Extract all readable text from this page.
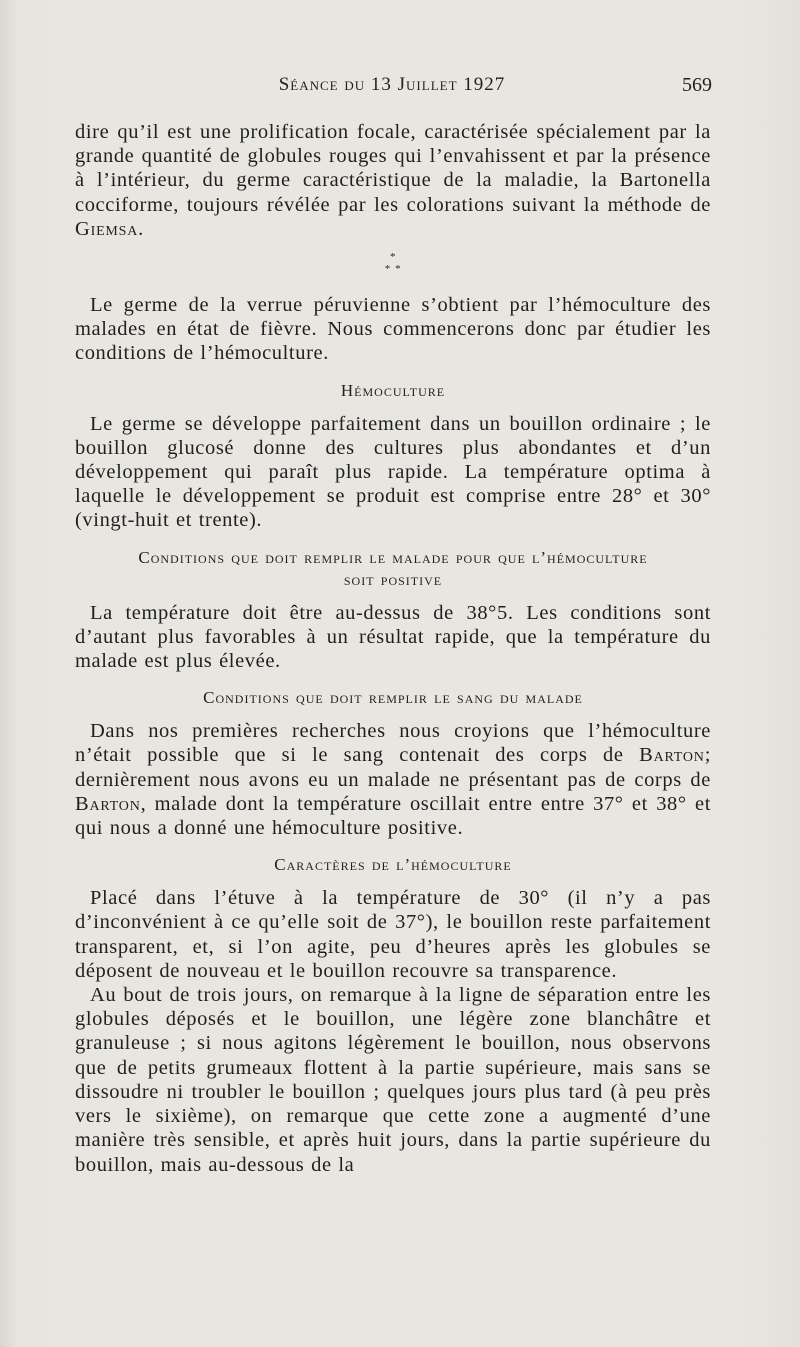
Séance du 13 Juillet 1927	569

dire qu’il est une prolification focale, caractérisée spécialement par la grande quantité de globules rouges qui l’envahissent et par la présence à l’intérieur, du germe caractéristique de la maladie, la Bartonella cocciforme, toujours révélée par les colorations suivant la méthode de Giemsa.

*
* *

Le germe de la verrue péruvienne s’obtient par l’hémoculture des malades en état de fièvre. Nous commencerons donc par étudier les conditions de l’hémoculture.

Hémoculture

Le germe se développe parfaitement dans un bouillon ordinaire ; le bouillon glucosé donne des cultures plus abondantes et d’un développement qui paraît plus rapide. La température optima à laquelle le développement se produit est comprise entre 28° et 30° (vingt-huit et trente).

Conditions que doit remplir le malade pour que l’hémoculture
soit positive

La température doit être au-dessus de 38°5. Les conditions sont d’autant plus favorables à un résultat rapide, que la température du malade est plus élevée.

Conditions que doit remplir le sang du malade

Dans nos premières recherches nous croyions que l’hémoculture n’était possible que si le sang contenait des corps de Barton; dernièrement nous avons eu un malade ne présentant pas de corps de Barton, malade dont la température oscillait entre entre 37° et 38° et qui nous a donné une hémoculture positive.

Caractères de l’hémoculture

Placé dans l’étuve à la température de 30° (il n’y a pas d’inconvénient à ce qu’elle soit de 37°), le bouillon reste parfaitement transparent, et, si l’on agite, peu d’heures après les globules se déposent de nouveau et le bouillon recouvre sa transparence.

Au bout de trois jours, on remarque à la ligne de séparation entre les globules déposés et le bouillon, une légère zone blanchâtre et granuleuse ; si nous agitons légèrement le bouillon, nous observons que de petits grumeaux flottent à la partie supérieure, mais sans se dissoudre ni troubler le bouillon ; quelques jours plus tard (à peu près vers le sixième), on remarque que cette zone a augmenté d’une manière très sensible, et après huit jours, dans la partie supérieure du bouillon, mais au-dessous de la
